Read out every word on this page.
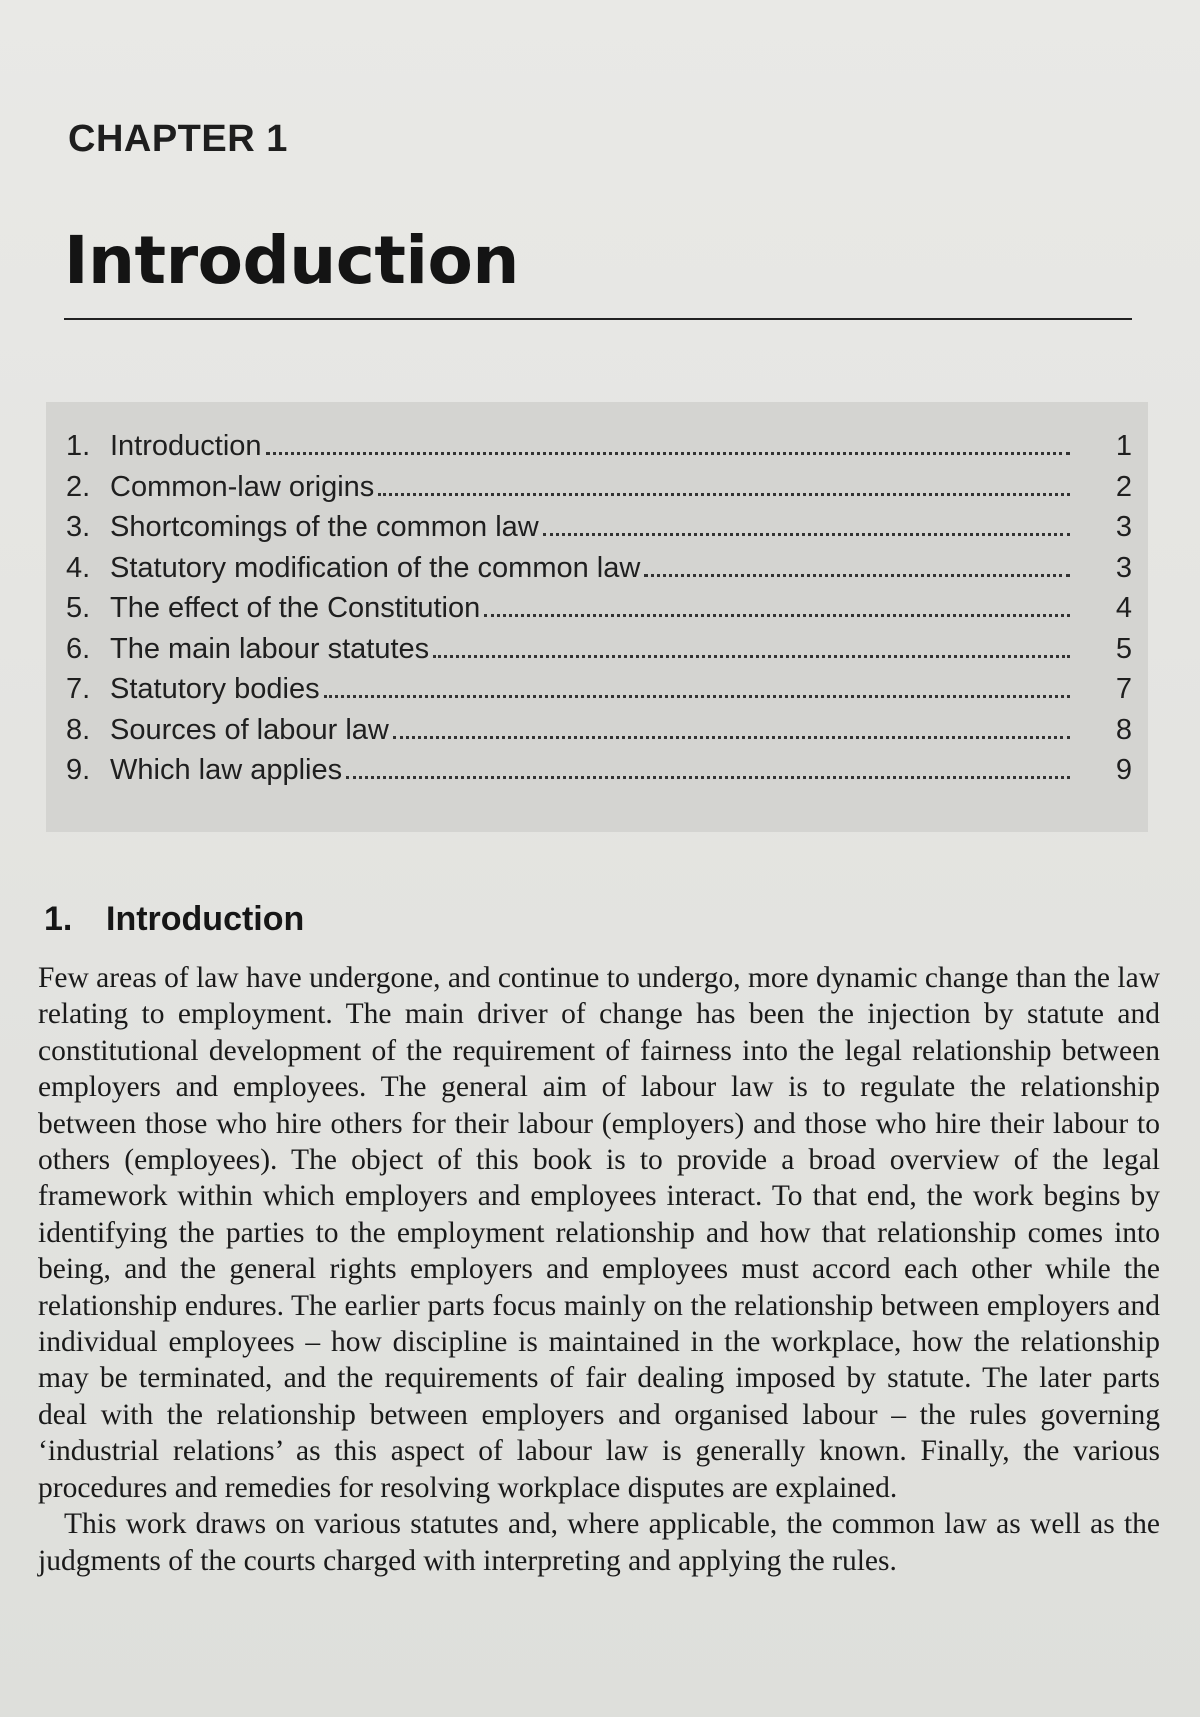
CHAPTER 1
Introduction
1. Introduction	1
2. Common-law origins	2
3. Shortcomings of the common law	3
4. Statutory modification of the common law	3
5. The effect of the Constitution	4
6. The main labour statutes	5
7. Statutory bodies	7
8. Sources of labour law	8
9. Which law applies	9
1. Introduction

Few areas of law have undergone, and continue to undergo, more dynamic change than the law relating to employment. The main driver of change has been the injection by statute and constitutional development of the requirement of fairness into the legal relationship between employers and employees. The general aim of labour law is to regulate the relationship between those who hire others for their labour (employers) and those who hire their labour to others (employees). The object of this book is to provide a broad overview of the legal framework within which employers and employees interact. To that end, the work begins by identifying the parties to the employment relationship and how that relationship comes into being, and the general rights employers and employees must accord each other while the relationship endures. The earlier parts focus mainly on the relationship between employers and individual employees – how discipline is maintained in the workplace, how the relationship may be terminated, and the requirements of fair dealing imposed by statute. The later parts deal with the relationship between employers and organised labour – the rules governing ‘industrial relations’ as this aspect of labour law is generally known. Finally, the various procedures and remedies for resolving workplace disputes are explained.

This work draws on various statutes and, where applicable, the common law as well as the judgments of the courts charged with interpreting and applying the rules.
